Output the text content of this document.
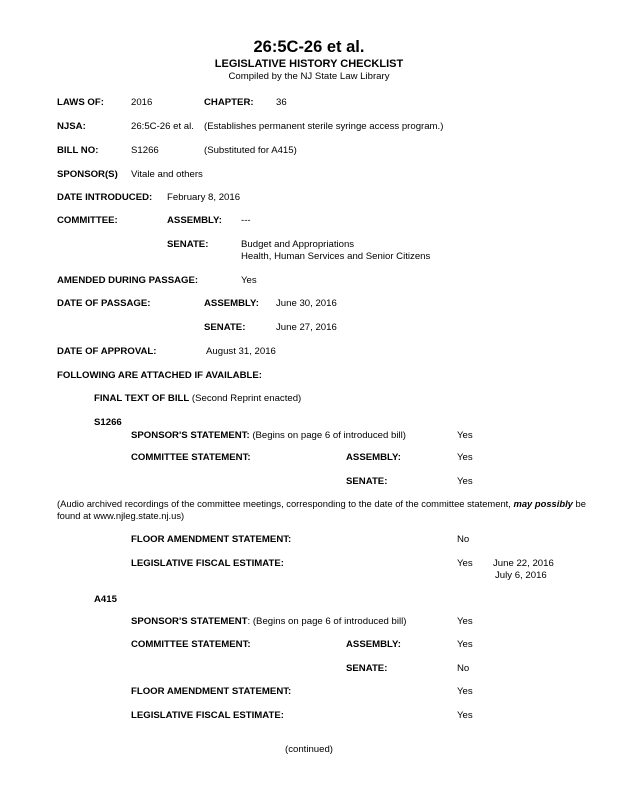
26:5C-26 et al.
LEGISLATIVE HISTORY CHECKLIST
Compiled by the NJ State Law Library
LAWS OF:	2016	CHAPTER: 36
NJSA:	26:5C-26 et al. (Establishes permanent sterile syringe access program.)
BILL NO:	S1266	(Substituted for A415)
SPONSOR(S) Vitale and others
DATE INTRODUCED: February 8, 2016
COMMITTEE:	ASSEMBLY: ---
SENATE:	Budget and Appropriations
Health, Human Services and Senior Citizens
AMENDED DURING PASSAGE:	Yes
DATE OF PASSAGE:	ASSEMBLY: June 30, 2016
SENATE:	June 27, 2016
DATE OF APPROVAL:	August 31, 2016
FOLLOWING ARE ATTACHED IF AVAILABLE:
FINAL TEXT OF BILL (Second Reprint enacted)
S1266
SPONSOR'S STATEMENT: (Begins on page 6 of introduced bill)	Yes
COMMITTEE STATEMENT:	ASSEMBLY:	Yes
SENATE:	Yes
(Audio archived recordings of the committee meetings, corresponding to the date of the committee statement, may possibly be found at www.njleg.state.nj.us)
FLOOR AMENDMENT STATEMENT:	No
LEGISLATIVE FISCAL ESTIMATE:	Yes June 22, 2016
July 6, 2016
A415
SPONSOR'S STATEMENT: (Begins on page 6 of introduced bill)	Yes
COMMITTEE STATEMENT:	ASSEMBLY:	Yes
SENATE:	No
FLOOR AMENDMENT STATEMENT:	Yes
LEGISLATIVE FISCAL ESTIMATE:	Yes
(continued)
